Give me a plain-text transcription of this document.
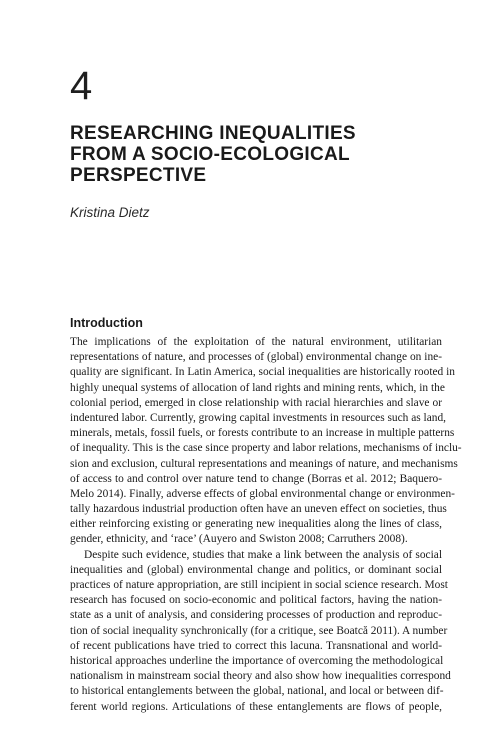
4
RESEARCHING INEQUALITIES
FROM A SOCIO-ECOLOGICAL
PERSPECTIVE

Kristina Dietz

Introduction
The implications of the exploitation of the natural environment, utilitarian
representations of nature, and processes of (global) environmental change on ine-
quality are significant. In Latin America, social inequalities are historically rooted in
highly unequal systems of allocation of land rights and mining rents, which, in the
colonial period, emerged in close relationship with racial hierarchies and slave or
indentured labor. Currently, growing capital investments in resources such as land,
minerals, metals, fossil fuels, or forests contribute to an increase in multiple patterns
of inequality. This is the case since property and labor relations, mechanisms of inclu-
sion and exclusion, cultural representations and meanings of nature, and mechanisms
of access to and control over nature tend to change (Borras et al. 2012; Baquero-
Melo 2014). Finally, adverse effects of global environmental change or environmen-
tally hazardous industrial production often have an uneven effect on societies, thus
either reinforcing existing or generating new inequalities along the lines of class,
gender, ethnicity, and ‘race’ (Auyero and Swiston 2008; Carruthers 2008).
Despite such evidence, studies that make a link between the analysis of social
inequalities and (global) environmental change and politics, or dominant social
practices of nature appropriation, are still incipient in social science research. Most
research has focused on socio-economic and political factors, having the nation-
state as a unit of analysis, and considering processes of production and reproduc-
tion of social inequality synchronically (for a critique, see Boatcă 2011). A number
of recent publications have tried to correct this lacuna. Transnational and world-
historical approaches underline the importance of overcoming the methodological
nationalism in mainstream social theory and also show how inequalities correspond
to historical entanglements between the global, national, and local or between dif-
ferent world regions. Articulations of these entanglements are flows of people,
